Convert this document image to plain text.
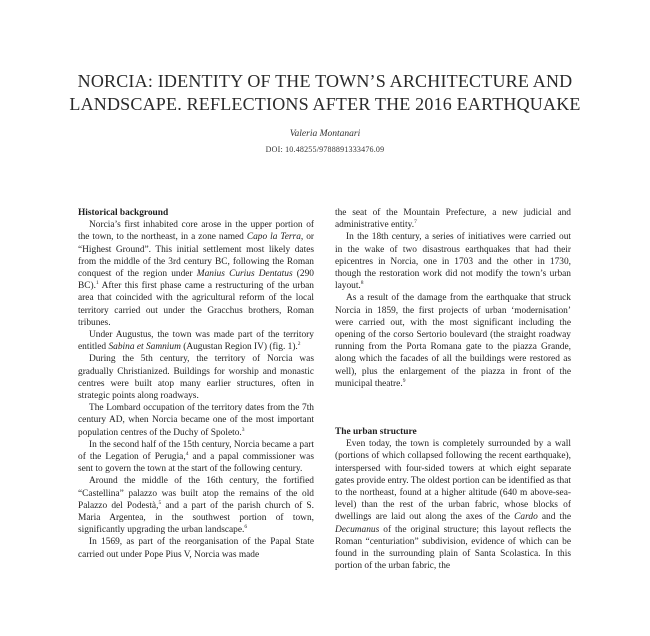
NORCIA: IDENTITY OF THE TOWN’S ARCHITECTURE AND
LANDSCAPE. REFLECTIONS AFTER THE 2016 EARTHQUAKE
Valeria Montanari
DOI: 10.48255/9788891333476.09
Historical background

Norcia’s first inhabited core arose in the upper portion of the town, to the northeast, in a zone named Capo la Terra, or “Highest Ground”. This initial settlement most likely dates from the middle of the 3rd century BC, following the Roman conquest of the region under Manius Curius Dentatus (290 BC).$^1$ After this first phase came a restructuring of the urban area that coincided with the agricultural reform of the local territory carried out under the Gracchus brothers, Roman tribunes.

Under Augustus, the town was made part of the territory entitled Sabina et Samnium (Augustan Region IV) (fig. 1).$^2$

During the 5th century, the territory of Norcia was gradually Christianized. Buildings for worship and monastic centres were built atop many earlier structures, often in strategic points along roadways.

The Lombard occupation of the territory dates from the 7th century AD, when Norcia became one of the most important population centres of the Duchy of Spoleto.$^3$

In the second half of the 15th century, Norcia became a part of the Legation of Perugia,$^4$ and a papal commissioner was sent to govern the town at the start of the following century.

Around the middle of the 16th century, the fortified “Castellina” palazzo was built atop the remains of the old Palazzo del Podestà,$^5$ and a part of the parish church of S. Maria Argentea, in the southwest portion of town, significantly upgrading the urban landscape.$^6$

In 1569, as part of the reorganisation of the Papal State carried out under Pope Pius V, Norcia was made

the seat of the Mountain Prefecture, a new judicial and administrative entity.$^7$

In the 18th century, a series of initiatives were carried out in the wake of two disastrous earthquakes that had their epicentres in Norcia, one in 1703 and the other in 1730, though the restoration work did not modify the town’s urban layout.$^8$

As a result of the damage from the earthquake that struck Norcia in 1859, the first projects of urban ‘modernisation’ were carried out, with the most significant including the opening of the corso Sertorio boulevard (the straight roadway running from the Porta Romana gate to the piazza Grande, along which the facades of all the buildings were restored as well), plus the enlargement of the piazza in front of the municipal theatre.$^9$

The urban structure

Even today, the town is completely surrounded by a wall (portions of which collapsed following the recent earthquake), interspersed with four-sided towers at which eight separate gates provide entry. The oldest portion can be identified as that to the northeast, found at a higher altitude (640 m above-sea-level) than the rest of the urban fabric, whose blocks of dwellings are laid out along the axes of the Cardo and the Decumanus of the original structure; this layout reflects the Roman “centuriation” subdivision, evidence of which can be found in the surrounding plain of Santa Scolastica. In this portion of the urban fabric, the
